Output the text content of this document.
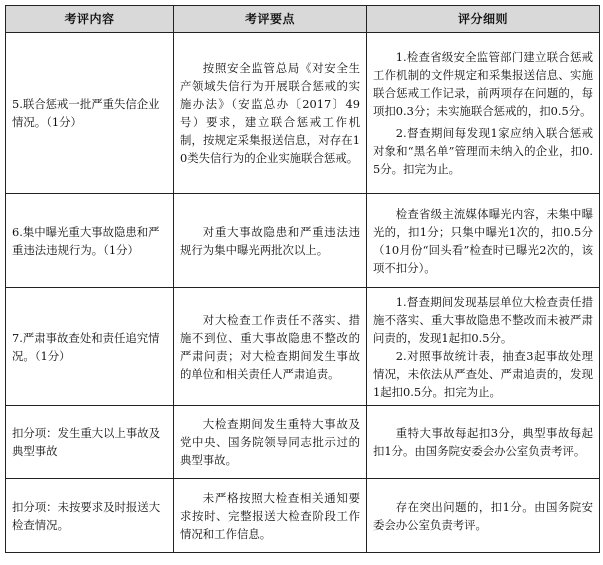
考评内容	考评要点	评分细则
5.联合惩戒一批严重失信企业情况。（1分）	按照安全监管总局《对安全生产领域失信行为开展联合惩戒的实施办法》（安监总办〔2017〕49号）要求，建立联合惩戒工作机制，按规定采集报送信息，对存在10类失信行为的企业实施联合惩戒。	1.检查省级安全监管部门建立联合惩戒工作机制的文件规定和采集报送信息、实施联合惩戒工作记录，前两项存在问题的，每项扣0.3分；未实施联合惩戒的，扣0.5分。
2.督查期间每发现1家应纳入联合惩戒对象和“黑名单”管理而未纳入的企业，扣0.5分。扣完为止。

6.集中曝光重大事故隐患和严重违法违规行为。（1分）	对重大事故隐患和严重违法违规行为集中曝光两批次以上。	检查省级主流媒体曝光内容，未集中曝光的，扣1分；只集中曝光1次的，扣0.5分（10月份“回头看”检查时已曝光2次的，该项不扣分）。

7.严肃事故查处和责任追究情况。（1分）	对大检查工作责任不落实、措施不到位、重大事故隐患不整改的严肃问责；对大检查期间发生事故的单位和相关责任人严肃追责。	1.督查期间发现基层单位大检查责任措施不落实、重大事故隐患不整改而未被严肃问责的，发现1起扣0.5分。
2.对照事故统计表，抽查3起事故处理情况，未依法从严查处、严肃追责的，发现1起扣0.5分。扣完为止。

扣分项：发生重大以上事故及典型事故	大检查期间发生重特大事故及党中央、国务院领导同志批示过的典型事故。	重特大事故每起扣3分，典型事故每起扣1分。由国务院安委会办公室负责考评。

扣分项：未按要求及时报送大检查情况。	未严格按照大检查相关通知要求按时、完整报送大检查阶段工作情况和工作信息。	存在突出问题的，扣1分。由国务院安委会办公室负责考评。
